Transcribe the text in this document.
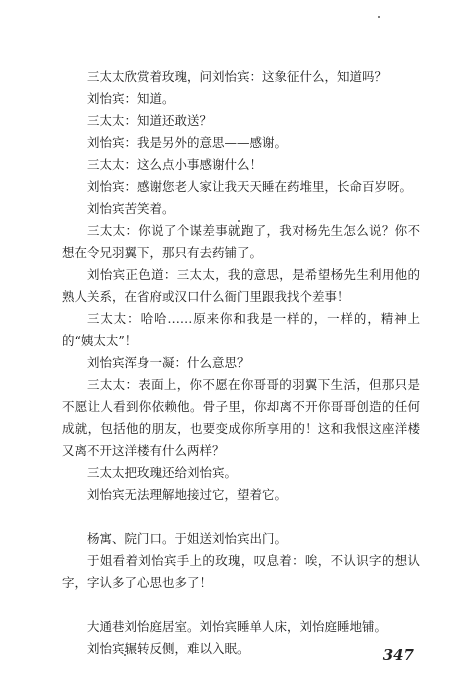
三太太欣赏着玫瑰，问刘怡宾：这象征什么，知道吗？

刘怡宾：知道。

三太太：知道还敢送？

刘怡宾：我是另外的意思——感谢。

三太太：这么点小事感谢什么！

刘怡宾：感谢您老人家让我天天睡在药堆里，长命百岁呀。

刘怡宾苦笑着。

三太太：你说了个谋差事就跑了，我对杨先生怎么说？你不想在令兄羽翼下，那只有去药铺了。

刘怡宾正色道：三太太，我的意思，是希望杨先生利用他的熟人关系，在省府或汉口什么衙门里跟我找个差事！

三太太：哈哈……原来你和我是一样的，一样的，精神上的“姨太太”！

刘怡宾浑身一凝：什么意思？

三太太：表面上，你不愿在你哥哥的羽翼下生活，但那只是不愿让人看到你依赖他。骨子里，你却离不开你哥哥创造的任何成就，包括他的朋友，也要变成你所享用的！这和我恨这座洋楼又离不开这洋楼有什么两样？

三太太把玫瑰还给刘怡宾。

刘怡宾无法理解地接过它，望着它。

杨寓、院门口。于姐送刘怡宾出门。

于姐看着刘怡宾手上的玫瑰，叹息着：唉，不认识字的想认字，字认多了心思也多了！

大通巷刘怡庭居室。刘怡宾睡单人床，刘怡庭睡地铺。

刘怡宾辗转反侧，难以入眠。	347
